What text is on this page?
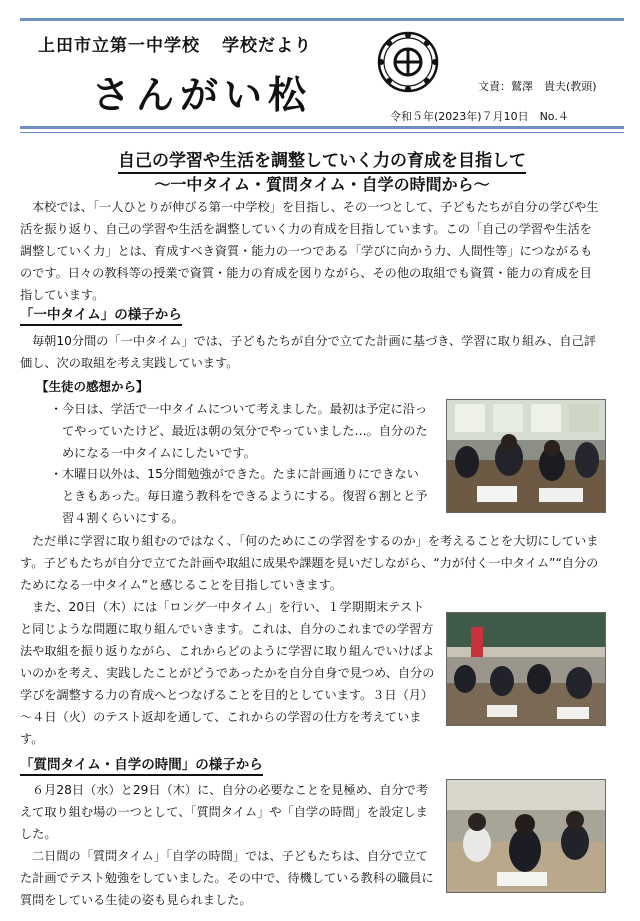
上田市立第一中学校 学校だより
さんがい松	文責：鷲澤　貴夫(教頭)
令和５年(2023年)７月10日　No.４
自己の学習や生活を調整していく力の育成を目指して
～一中タイム・質問タイム・自学の時間から～

本校では、「一人ひとりが伸びる第一中学校」を目指し、その一つとして、子どもたちが自分の学びや生活を振り返り、自己の学習や生活を調整していく力の育成を目指しています。この「自己の学習や生活を調整していく力」とは、育成すべき資質・能力の一つである「学びに向かう力、人間性等」につながるものです。日々の教科等の授業で資質・能力の育成を図りながら、その他の取組でも資質・能力の育成を目指しています。

「一中タイム」の様子から

毎朝10分間の「一中タイム」では、子どもたちが自分で立てた計画に基づき、学習に取り組み、自己評価し、次の取組を考え実践しています。

【生徒の感想から】

・ 今日は、学活で一中タイムについて考えました。最初は予定に沿ってやっていたけど、最近は朝の気分でやっていました…。自分のためになる一中タイムにしたいです。

・ 木曜日以外は、15分間勉強ができた。たまに計画通りにできないときもあった。毎日違う教科をできるようにする。復習６割とと予習４割くらいにする。

ただ単に学習に取り組むのではなく、「何のためにこの学習をするのか」を考えることを大切にしています。子どもたちが自分で立てた計画や取組に成果や課題を見いだしながら、“力が付く一中タイム”“自分のためになる一中タイム”と感じることを目指していきます。

また、20日（木）には「ロング一中タイム」を行い、１学期期末テストと同じような問題に取り組んでいきます。これは、自分のこれまでの学習方法や取組を振り返りながら、これからどのように学習に取り組んでいけばよいのかを考え、実践したことがどうであったかを自分自身で見つめ、自分の学びを調整する力の育成へとつなげることを目的としています。３日（月）～４日（火）のテスト返却を通して、これからの学習の仕方を考えています。

「質問タイム・自学の時間」の様子から

６月28日（水）と29日（木）に、自分の必要なことを見極め、自分で考えて取り組む場の一つとして、「質問タイム」や「自学の時間」を設定しました。

二日間の「質問タイム」「自学の時間」では、子どもたちは、自分で立てた計画でテスト勉強をしていました。その中で、待機している教科の職員に質問をしている生徒の姿も見られました。
